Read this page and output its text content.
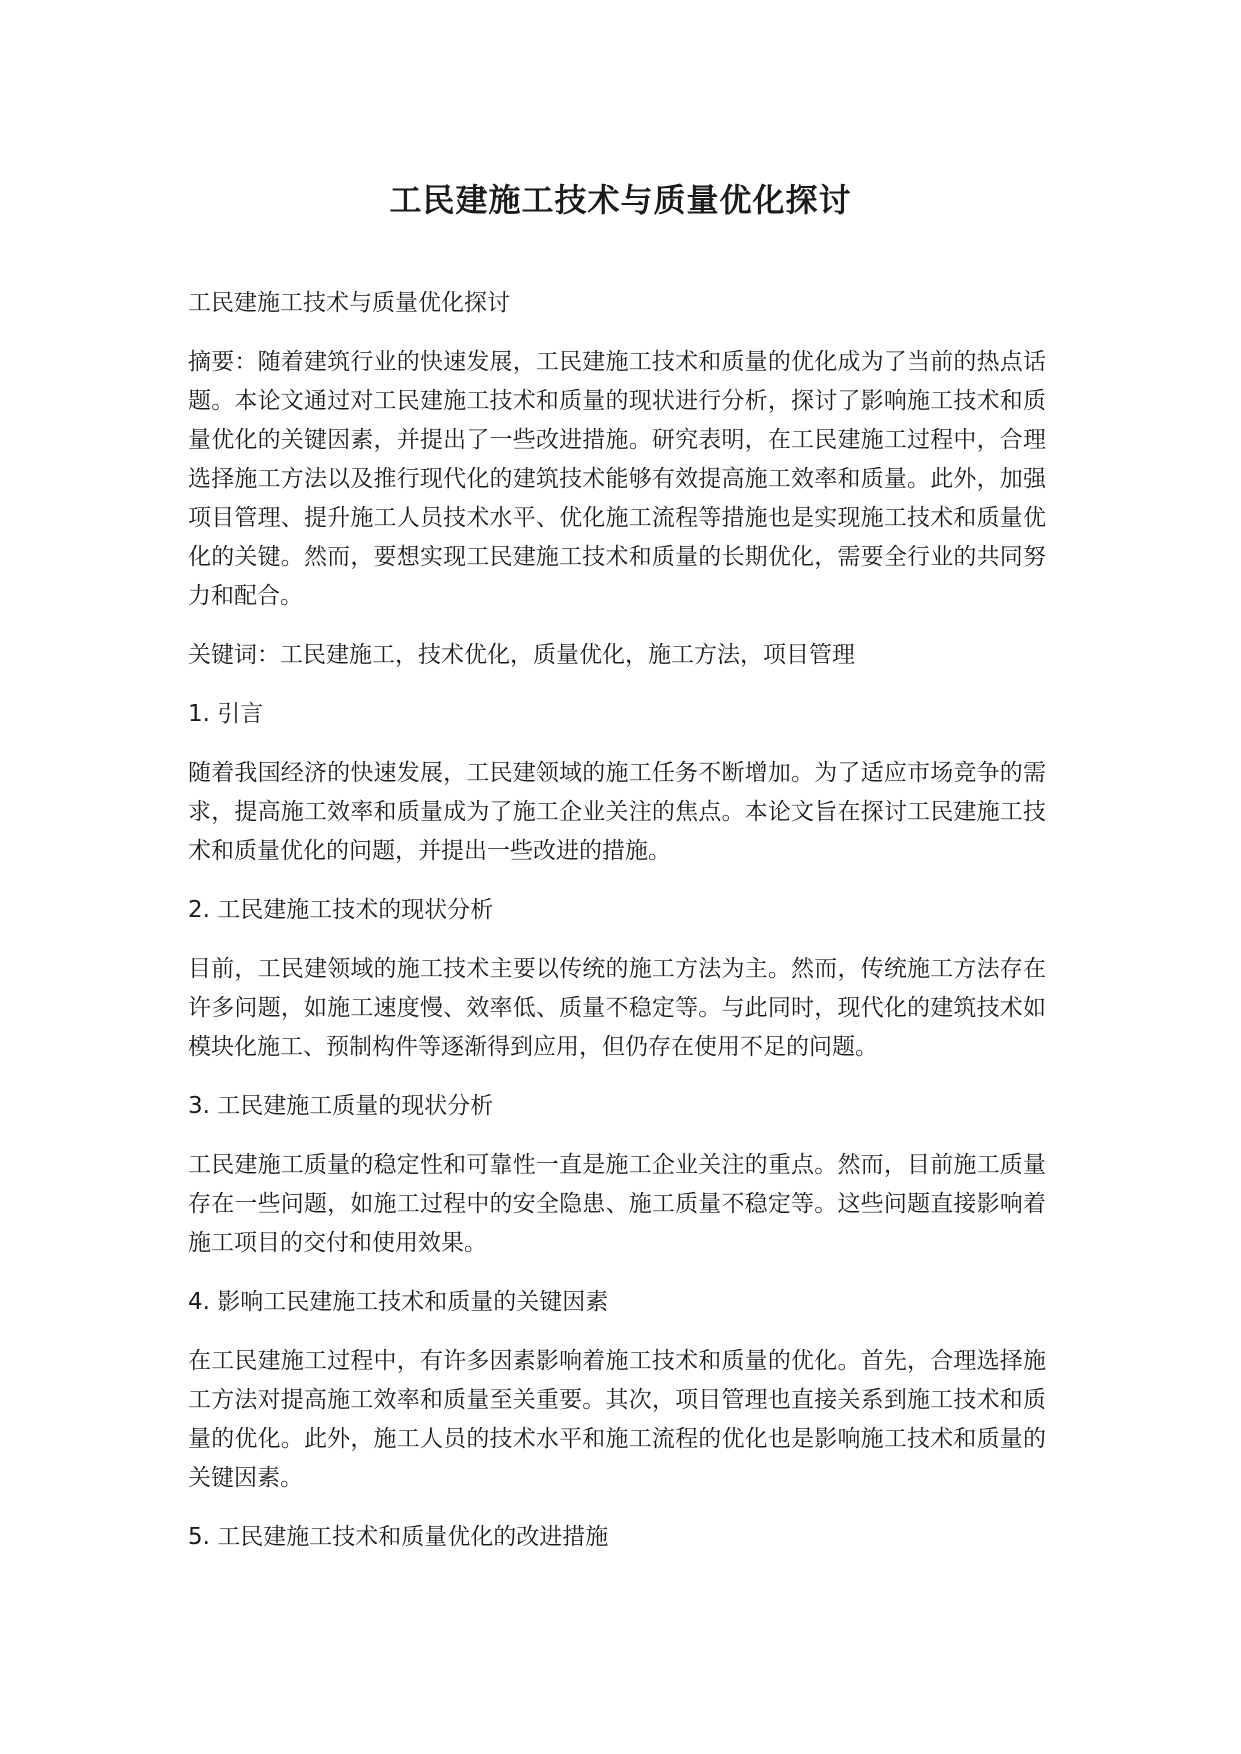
工民建施工技术与质量优化探讨

工民建施工技术与质量优化探讨

摘要：随着建筑行业的快速发展，工民建施工技术和质量的优化成为了当前的热点话题。本论文通过对工民建施工技术和质量的现状进行分析，探讨了影响施工技术和质量优化的关键因素，并提出了一些改进措施。研究表明，在工民建施工过程中，合理选择施工方法以及推行现代化的建筑技术能够有效提高施工效率和质量。此外，加强项目管理、提升施工人员技术水平、优化施工流程等措施也是实现施工技术和质量优化的关键。然而，要想实现工民建施工技术和质量的长期优化，需要全行业的共同努力和配合。

关键词：工民建施工，技术优化，质量优化，施工方法，项目管理

1. 引言

随着我国经济的快速发展，工民建领域的施工任务不断增加。为了适应市场竞争的需求，提高施工效率和质量成为了施工企业关注的焦点。本论文旨在探讨工民建施工技术和质量优化的问题，并提出一些改进的措施。

2. 工民建施工技术的现状分析

目前，工民建领域的施工技术主要以传统的施工方法为主。然而，传统施工方法存在许多问题，如施工速度慢、效率低、质量不稳定等。与此同时，现代化的建筑技术如模块化施工、预制构件等逐渐得到应用，但仍存在使用不足的问题。

3. 工民建施工质量的现状分析

工民建施工质量的稳定性和可靠性一直是施工企业关注的重点。然而，目前施工质量存在一些问题，如施工过程中的安全隐患、施工质量不稳定等。这些问题直接影响着施工项目的交付和使用效果。

4. 影响工民建施工技术和质量的关键因素

在工民建施工过程中，有许多因素影响着施工技术和质量的优化。首先，合理选择施工方法对提高施工效率和质量至关重要。其次，项目管理也直接关系到施工技术和质量的优化。此外，施工人员的技术水平和施工流程的优化也是影响施工技术和质量的关键因素。

5. 工民建施工技术和质量优化的改进措施
